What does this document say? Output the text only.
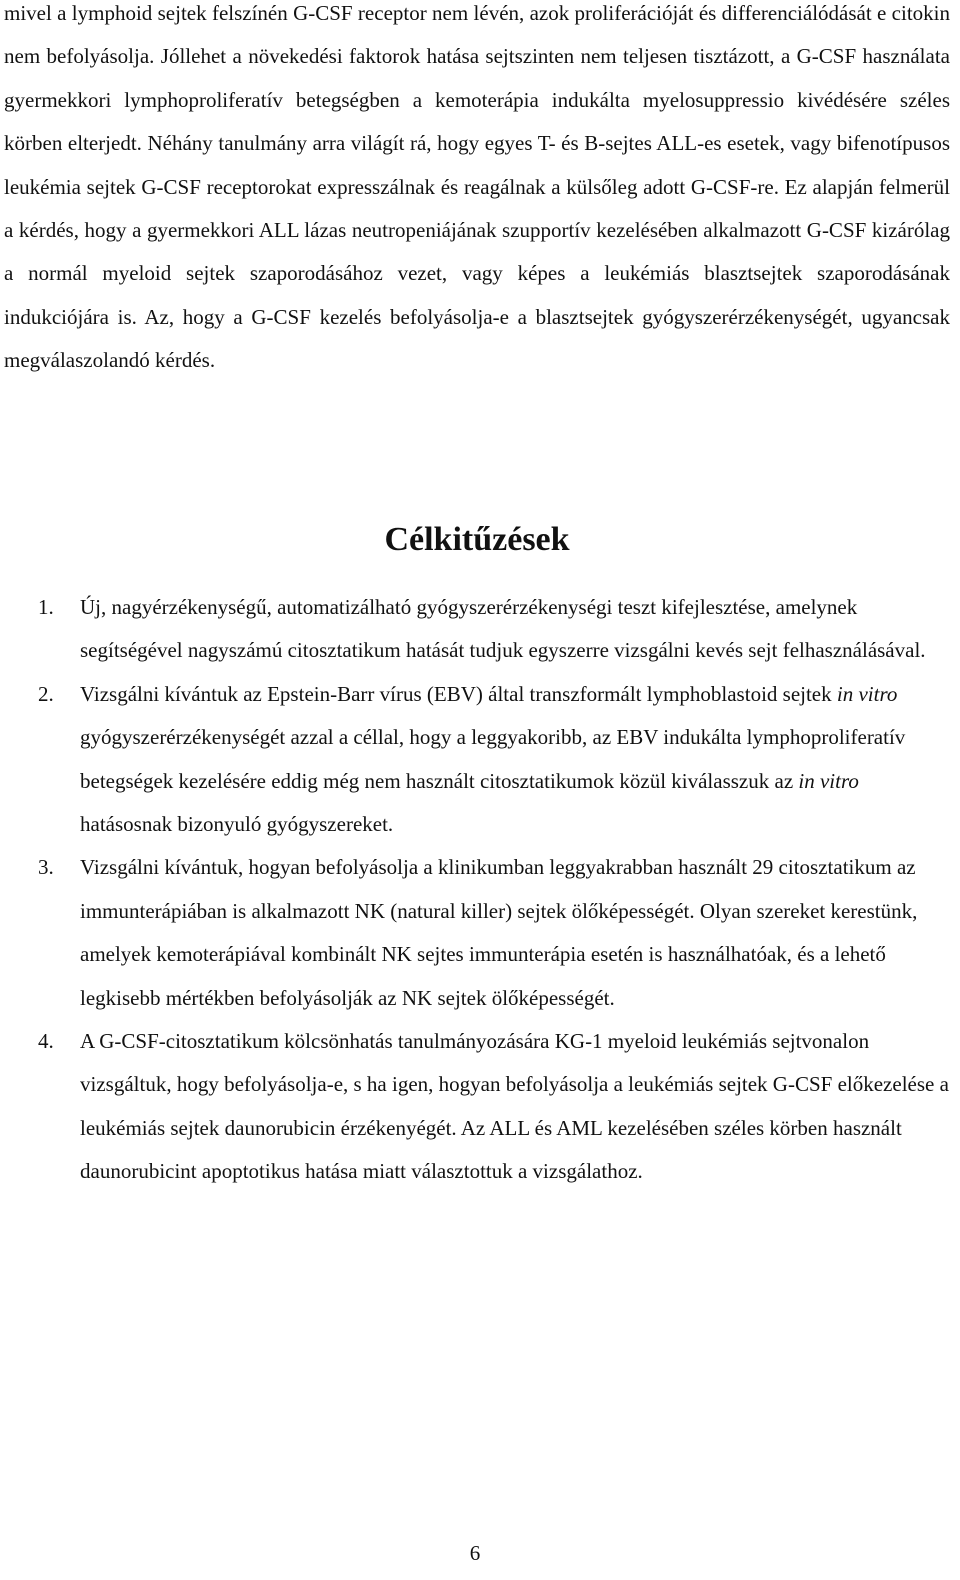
mivel a lymphoid sejtek felszínén G-CSF receptor nem lévén, azok proliferációját és differenciálódását e citokin nem befolyásolja. Jóllehet a növekedési faktorok hatása sejtszinten nem teljesen tisztázott, a G-CSF használata gyermekkori lymphoproliferatív betegségben a kemoterápia indukálta myelosuppressio kivédésére széles körben elterjedt. Néhány tanulmány arra világít rá, hogy egyes T- és B-sejtes ALL-es esetek, vagy bifenotípusos leukémia sejtek G-CSF receptorokat expresszálnak és reagálnak a külsőleg adott G-CSF-re. Ez alapján felmerül a kérdés, hogy a gyermekkori ALL lázas neutropeniájának szupportív kezelésében alkalmazott G-CSF kizárólag a normál myeloid sejtek szaporodásához vezet, vagy képes a leukémiás blasztsejtek szaporodásának indukciójára is. Az, hogy a G-CSF kezelés befolyásolja-e a blasztsejtek gyógyszerérzékenységét, ugyancsak megválaszolandó kérdés.

Célkitűzések
1. Új, nagyérzékenységű, automatizálható gyógyszerérzékenységi teszt kifejlesztése, amelynek segítségével nagyszámú citosztatikum hatását tudjuk egyszerre vizsgálni kevés sejt felhasználásával.
2. Vizsgálni kívántuk az Epstein-Barr vírus (EBV) által transzformált lymphoblastoid sejtek in vitro gyógyszerérzékenységét azzal a céllal, hogy a leggyakoribb, az EBV indukálta lymphoproliferatív betegségek kezelésére eddig még nem használt citosztatikumok közül kiválasszuk az in vitro hatásosnak bizonyuló gyógyszereket.
3. Vizsgálni kívántuk, hogyan befolyásolja a klinikumban leggyakrabban használt 29 citosztatikum az immunterápiában is alkalmazott NK (natural killer) sejtek ölőképességét. Olyan szereket kerestünk, amelyek kemoterápiával kombinált NK sejtes immunterápia esetén is használhatóak, és a lehető legkisebb mértékben befolyásolják az NK sejtek ölőképességét.
4. A G-CSF-citosztatikum kölcsönhatás tanulmányozására KG-1 myeloid leukémiás sejtvonalon vizsgáltuk, hogy befolyásolja-e, s ha igen, hogyan befolyásolja a leukémiás sejtek G-CSF előkezelése a leukémiás sejtek daunorubicin érzékenyégét. Az ALL és AML kezelésében széles körben használt daunorubicint apoptotikus hatása miatt választottuk a vizsgálathoz.
6
